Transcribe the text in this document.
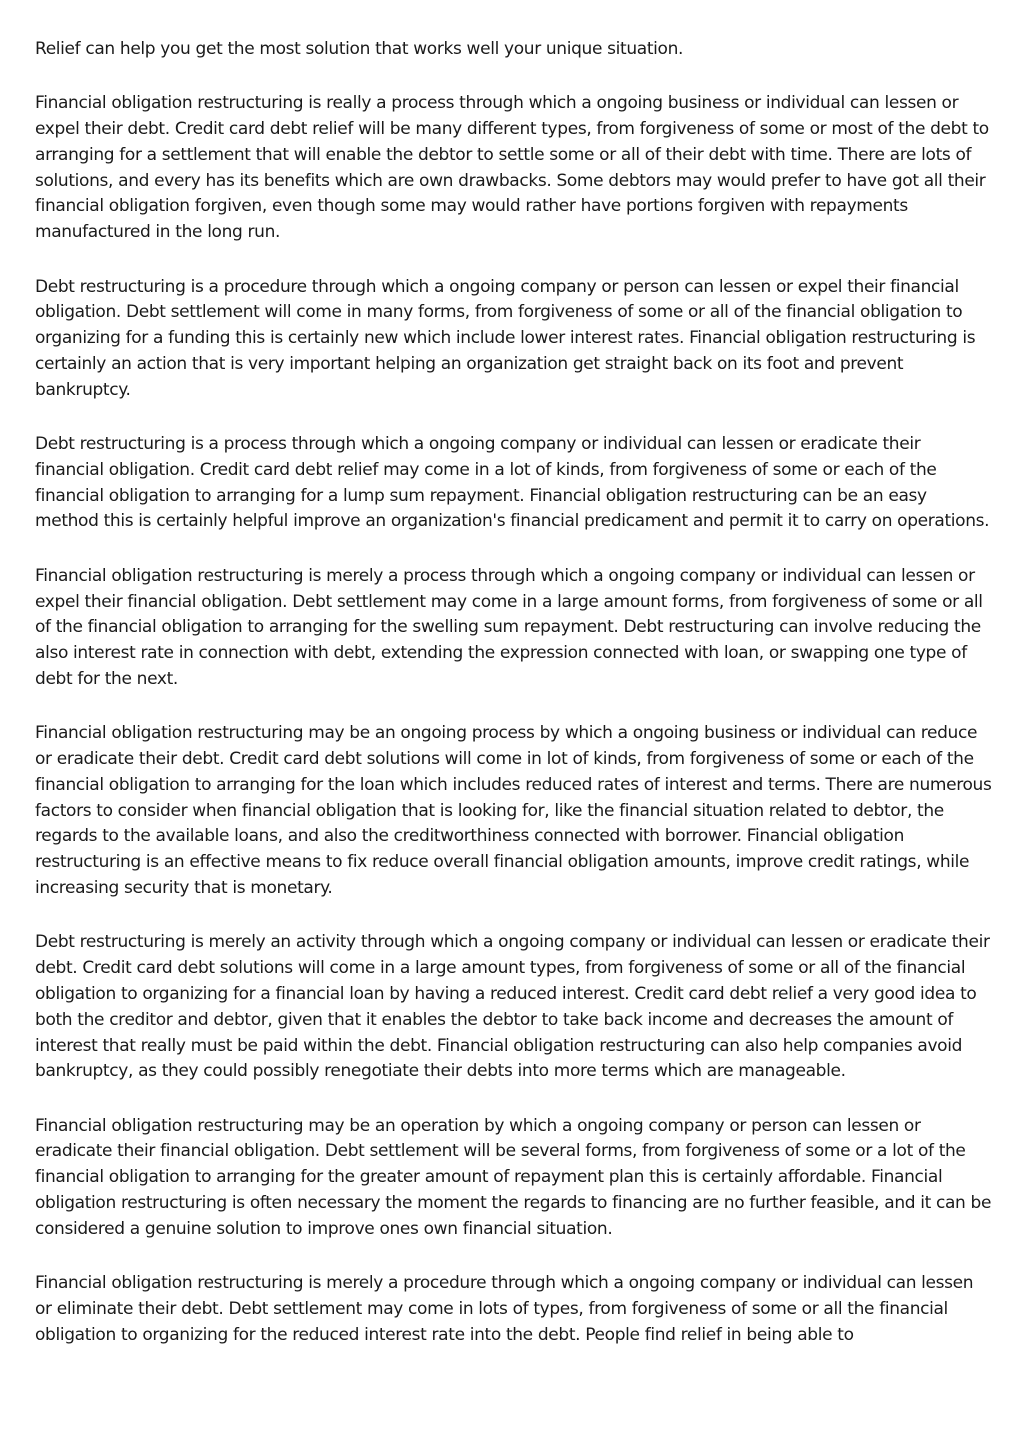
Relief can help you get the most solution that works well your unique situation.

Financial obligation restructuring is really a process through which a ongoing business or individual can lessen or expel their debt. Credit card debt relief will be many different types, from forgiveness of some or most of the debt to arranging for a settlement that will enable the debtor to settle some or all of their debt with time. There are lots of solutions, and every has its benefits which are own drawbacks. Some debtors may would prefer to have got all their financial obligation forgiven, even though some may would rather have portions forgiven with repayments manufactured in the long run.

Debt restructuring is a procedure through which a ongoing company or person can lessen or expel their financial obligation. Debt settlement will come in many forms, from forgiveness of some or all of the financial obligation to organizing for a funding this is certainly new which include lower interest rates. Financial obligation restructuring is certainly an action that is very important helping an organization get straight back on its foot and prevent bankruptcy.

Debt restructuring is a process through which a ongoing company or individual can lessen or eradicate their financial obligation. Credit card debt relief may come in a lot of kinds, from forgiveness of some or each of the financial obligation to arranging for a lump sum repayment. Financial obligation restructuring can be an easy method this is certainly helpful improve an organization's financial predicament and permit it to carry on operations.

Financial obligation restructuring is merely a process through which a ongoing company or individual can lessen or expel their financial obligation. Debt settlement may come in a large amount forms, from forgiveness of some or all of the financial obligation to arranging for the swelling sum repayment. Debt restructuring can involve reducing the also interest rate in connection with debt, extending the expression connected with loan, or swapping one type of debt for the next.

Financial obligation restructuring may be an ongoing process by which a ongoing business or individual can reduce or eradicate their debt. Credit card debt solutions will come in lot of kinds, from forgiveness of some or each of the financial obligation to arranging for the loan which includes reduced rates of interest and terms. There are numerous factors to consider when financial obligation that is looking for, like the financial situation related to debtor, the regards to the available loans, and also the creditworthiness connected with borrower. Financial obligation restructuring is an effective means to fix reduce overall financial obligation amounts, improve credit ratings, while increasing security that is monetary.

Debt restructuring is merely an activity through which a ongoing company or individual can lessen or eradicate their debt. Credit card debt solutions will come in a large amount types, from forgiveness of some or all of the financial obligation to organizing for a financial loan by having a reduced interest. Credit card debt relief a very good idea to both the creditor and debtor, given that it enables the debtor to take back income and decreases the amount of interest that really must be paid within the debt. Financial obligation restructuring can also help companies avoid bankruptcy, as they could possibly renegotiate their debts into more terms which are manageable.

Financial obligation restructuring may be an operation by which a ongoing company or person can lessen or eradicate their financial obligation. Debt settlement will be several forms, from forgiveness of some or a lot of the financial obligation to arranging for the greater amount of repayment plan this is certainly affordable. Financial obligation restructuring is often necessary the moment the regards to financing are no further feasible, and it can be considered a genuine solution to improve ones own financial situation.

Financial obligation restructuring is merely a procedure through which a ongoing company or individual can lessen or eliminate their debt. Debt settlement may come in lots of types, from forgiveness of some or all the financial obligation to organizing for the reduced interest rate into the debt. People find relief in being able to
